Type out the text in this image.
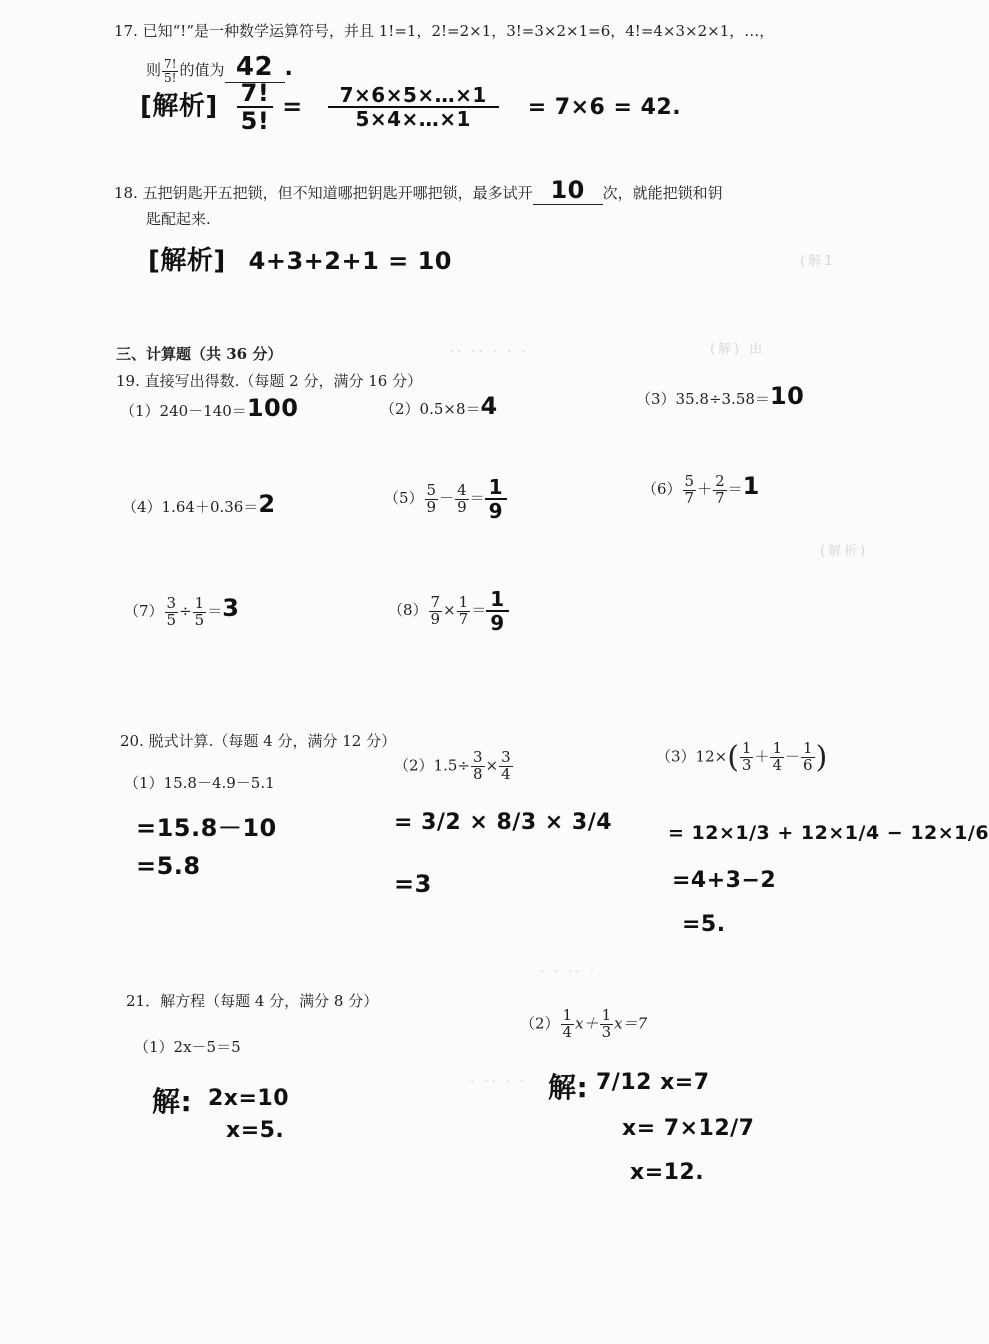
(解1
(解) 由
·· ·· · · ·
(解析)
· · ·· ·
· ·· · ·
17. 已知“!”是一种数学运算符号，并且 1!=1，2!=2×1，3!=3×2×1=6，4!=4×3×2×1，…，
则 $\frac{7!}{5!}$ 的值为 42 .
[解析] $\frac{7!}{5!} = \frac{7\times 6\times 5\times\dots\times 1}{5\times 4\times\dots\times 1} = 7\times 6 = 42$.
18. 五把钥匙开五把锁，但不知道哪把钥匙开哪把锁，最多试开 10 次，就能把锁和钥
匙配起来.
[解析] 4+3+2+1 = 10
三、计算题（共 36 分）
19. 直接写出得数.（每题 2 分，满分 16 分）
（1）240－140＝100	（2）0.5×8＝4	（3）35.8÷3.58＝10
（4）1.64＋0.36＝2	$(5) \frac{5}{9} - \frac{4}{9} = \frac{1}{9}$	$(6) \frac{5}{7} + \frac{2}{7} =1$
$(7) \frac{3}{5} \div \frac{1}{5} =3$	$(8) \frac{7}{9} \times \frac{1}{7} = \frac{1}{9}$
20. 脱式计算.（每题 4 分，满分 12 分）
（1）15.8－4.9－5.1
=15.8－10
=5.8
$(2)1.5\div \frac{3}{8} \times \frac{3}{4}$
= 3/2 × 8/3 × 3/4
=3
$(3)12\times( \frac{1}{3} + \frac{1}{4} - \frac{1}{6}$ )
= 12×1/3 + 12×1/4 − 12×1/6
=4+3−2
=5.
21．解方程（每题 4 分，满分 8 分）
（1）2x－5＝5
解: 2x=10
x=5.
$(2) \frac{1}{4} x+ \frac{1}{3} x=7$
解: 7/12 x=7
x= 7×12/7
x=12.
